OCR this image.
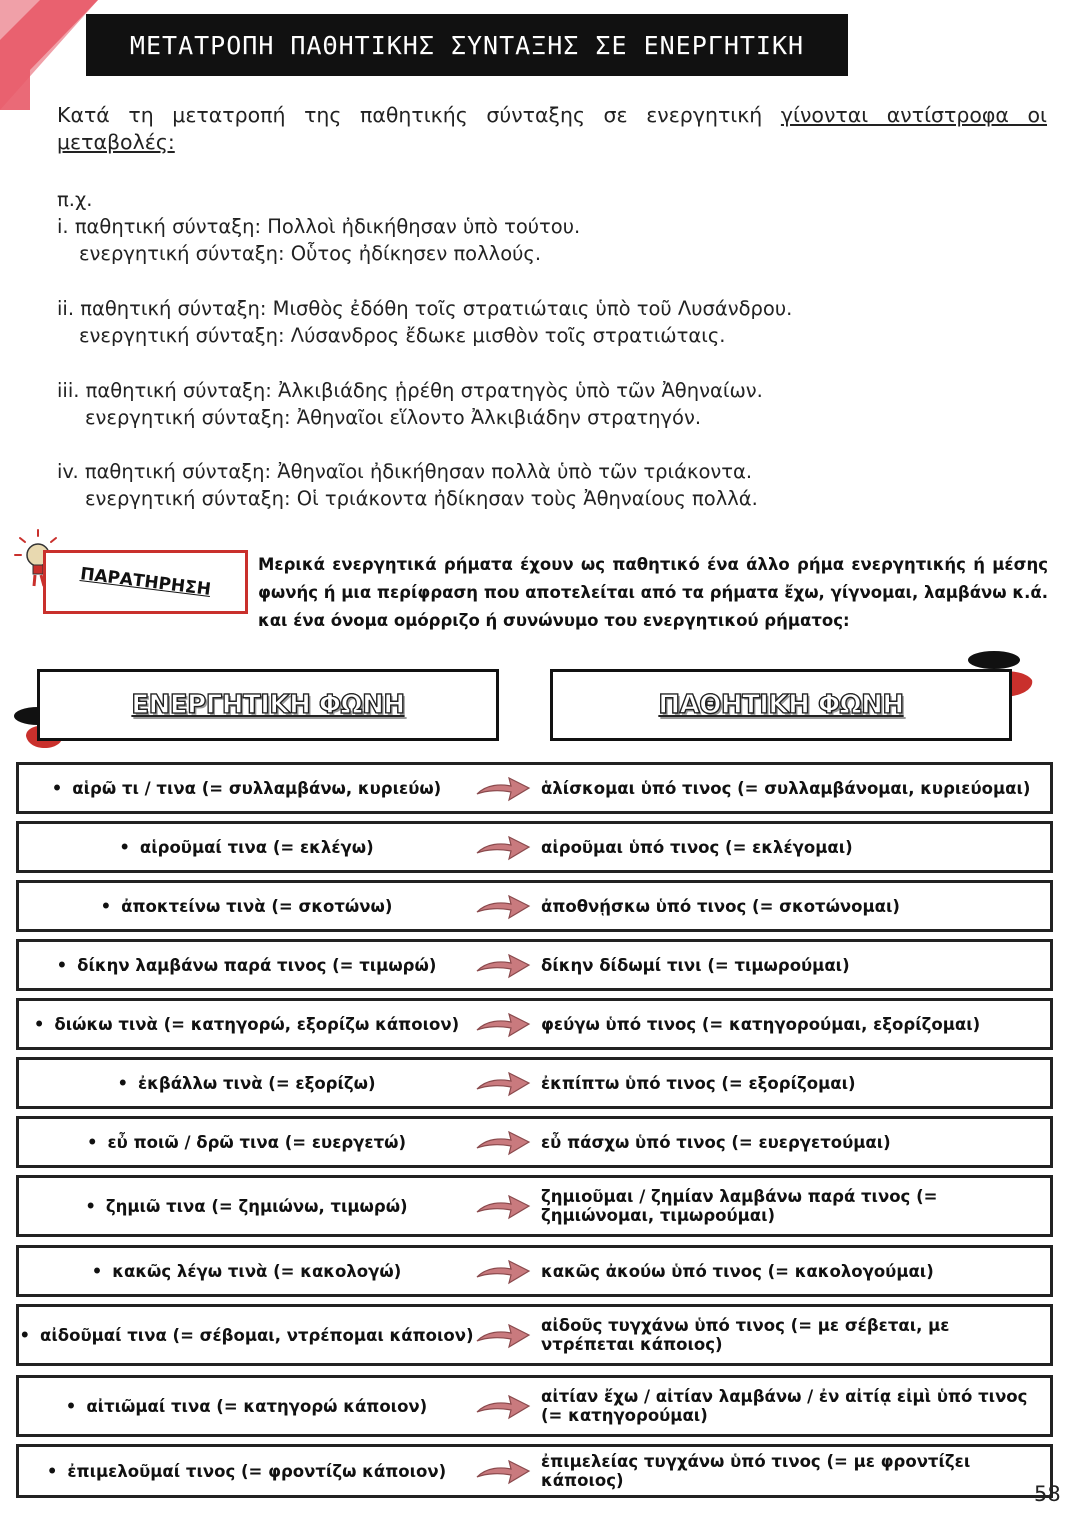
ΜΕΤΑΤΡΟΠΗ ΠΑΘΗΤΙΚΗΣ ΣΥΝΤΑΞΗΣ ΣΕ ΕΝΕΡΓΗΤΙΚΗ
Κατά τη μετατροπή της παθητικής σύνταξης σε ενεργητική γίνονται αντίστροφα οι
μεταβολές:
π.χ.
i. παθητική σύνταξη: Πολλοὶ ἠδικήθησαν ὑπὸ τούτου.
ενεργητική σύνταξη: Οὗτος ἠδίκησεν πολλούς.
ii. παθητική σύνταξη: Μισθὸς ἐδόθη τοῖς στρατιώταις ὑπὸ τοῦ Λυσάνδρου.
ενεργητική σύνταξη: Λύσανδρος ἔδωκε μισθὸν τοῖς στρατιώταις.
iii. παθητική σύνταξη: Ἀλκιβιάδης ᾑρέθη στρατηγὸς ὑπὸ τῶν Ἀθηναίων.
ενεργητική σύνταξη: Ἀθηναῖοι εἵλοντο Ἀλκιβιάδην στρατηγόν.
iv. παθητική σύνταξη: Ἀθηναῖοι ἠδικήθησαν πολλὰ ὑπὸ τῶν τριάκοντα.
ενεργητική σύνταξη: Οἱ τριάκοντα ἠδίκησαν τοὺς Ἀθηναίους πολλά.
ΠΑΡΑΤΗΡΗΣΗ	Μερικά ενεργητικά ρήματα έχουν ως παθητικό ένα άλλο ρήμα ενεργητικής ή μέσης φωνής ή μια περίφραση που αποτελείται από τα ρήματα ἔχω, γίγνομαι, λαμβάνω κ.ά. και ένα όνομα ομόρριζο ή συνώνυμο του ενεργητικού ρήματος:
ΕΝΕΡΓΗΤΙΚΗ ΦΩΝΗ	ΠΑΘΗΤΙΚΗ ΦΩΝΗ
• αἱρῶ τι / τινα (= συλλαμβάνω, κυριεύω)	ἁλίσκομαι ὑπό τινος (= συλλαμβάνομαι, κυριεύομαι)
• αἱροῦμαί τινα (= εκλέγω)	αἱροῦμαι ὑπό τινος (= εκλέγομαι)
• ἀποκτείνω τινὰ (= σκοτώνω)	ἀποθνῄσκω ὑπό τινος (= σκοτώνομαι)
• δίκην λαμβάνω παρά τινος (= τιμωρώ)	δίκην δίδωμί τινι (= τιμωρούμαι)
• διώκω τινὰ (= κατηγορώ, εξορίζω κάποιον)	φεύγω ὑπό τινος (= κατηγορούμαι, εξορίζομαι)
• ἐκβάλλω τινὰ (= εξορίζω)	ἐκπίπτω ὑπό τινος (= εξορίζομαι)
• εὖ ποιῶ / δρῶ τινα (= ευεργετώ)	εὖ πάσχω ὑπό τινος (= ευεργετούμαι)
• ζημιῶ τινα (= ζημιώνω, τιμωρώ)	ζημιοῦμαι / ζημίαν λαμβάνω παρά τινος (= ζημιώνομαι, τιμωρούμαι)
• κακῶς λέγω τινὰ (= κακολογώ)	κακῶς ἀκούω ὑπό τινος (= κακολογούμαι)
• αἰδοῦμαί τινα (= σέβομαι, ντρέπομαι κάποιον)	αἰδοῦς τυγχάνω ὑπό τινος (= με σέβεται, με ντρέπεται κάποιος)
• αἰτιῶμαί τινα (= κατηγορώ κάποιον)	αἰτίαν ἔχω / αἰτίαν λαμβάνω / ἐν αἰτίᾳ εἰμὶ ὑπό τινος (= κατηγορούμαι)
• ἐπιμελοῦμαί τινος (= φροντίζω κάποιον)	ἐπιμελείας τυγχάνω ὑπό τινος (= με φροντίζει κάποιος)
58
